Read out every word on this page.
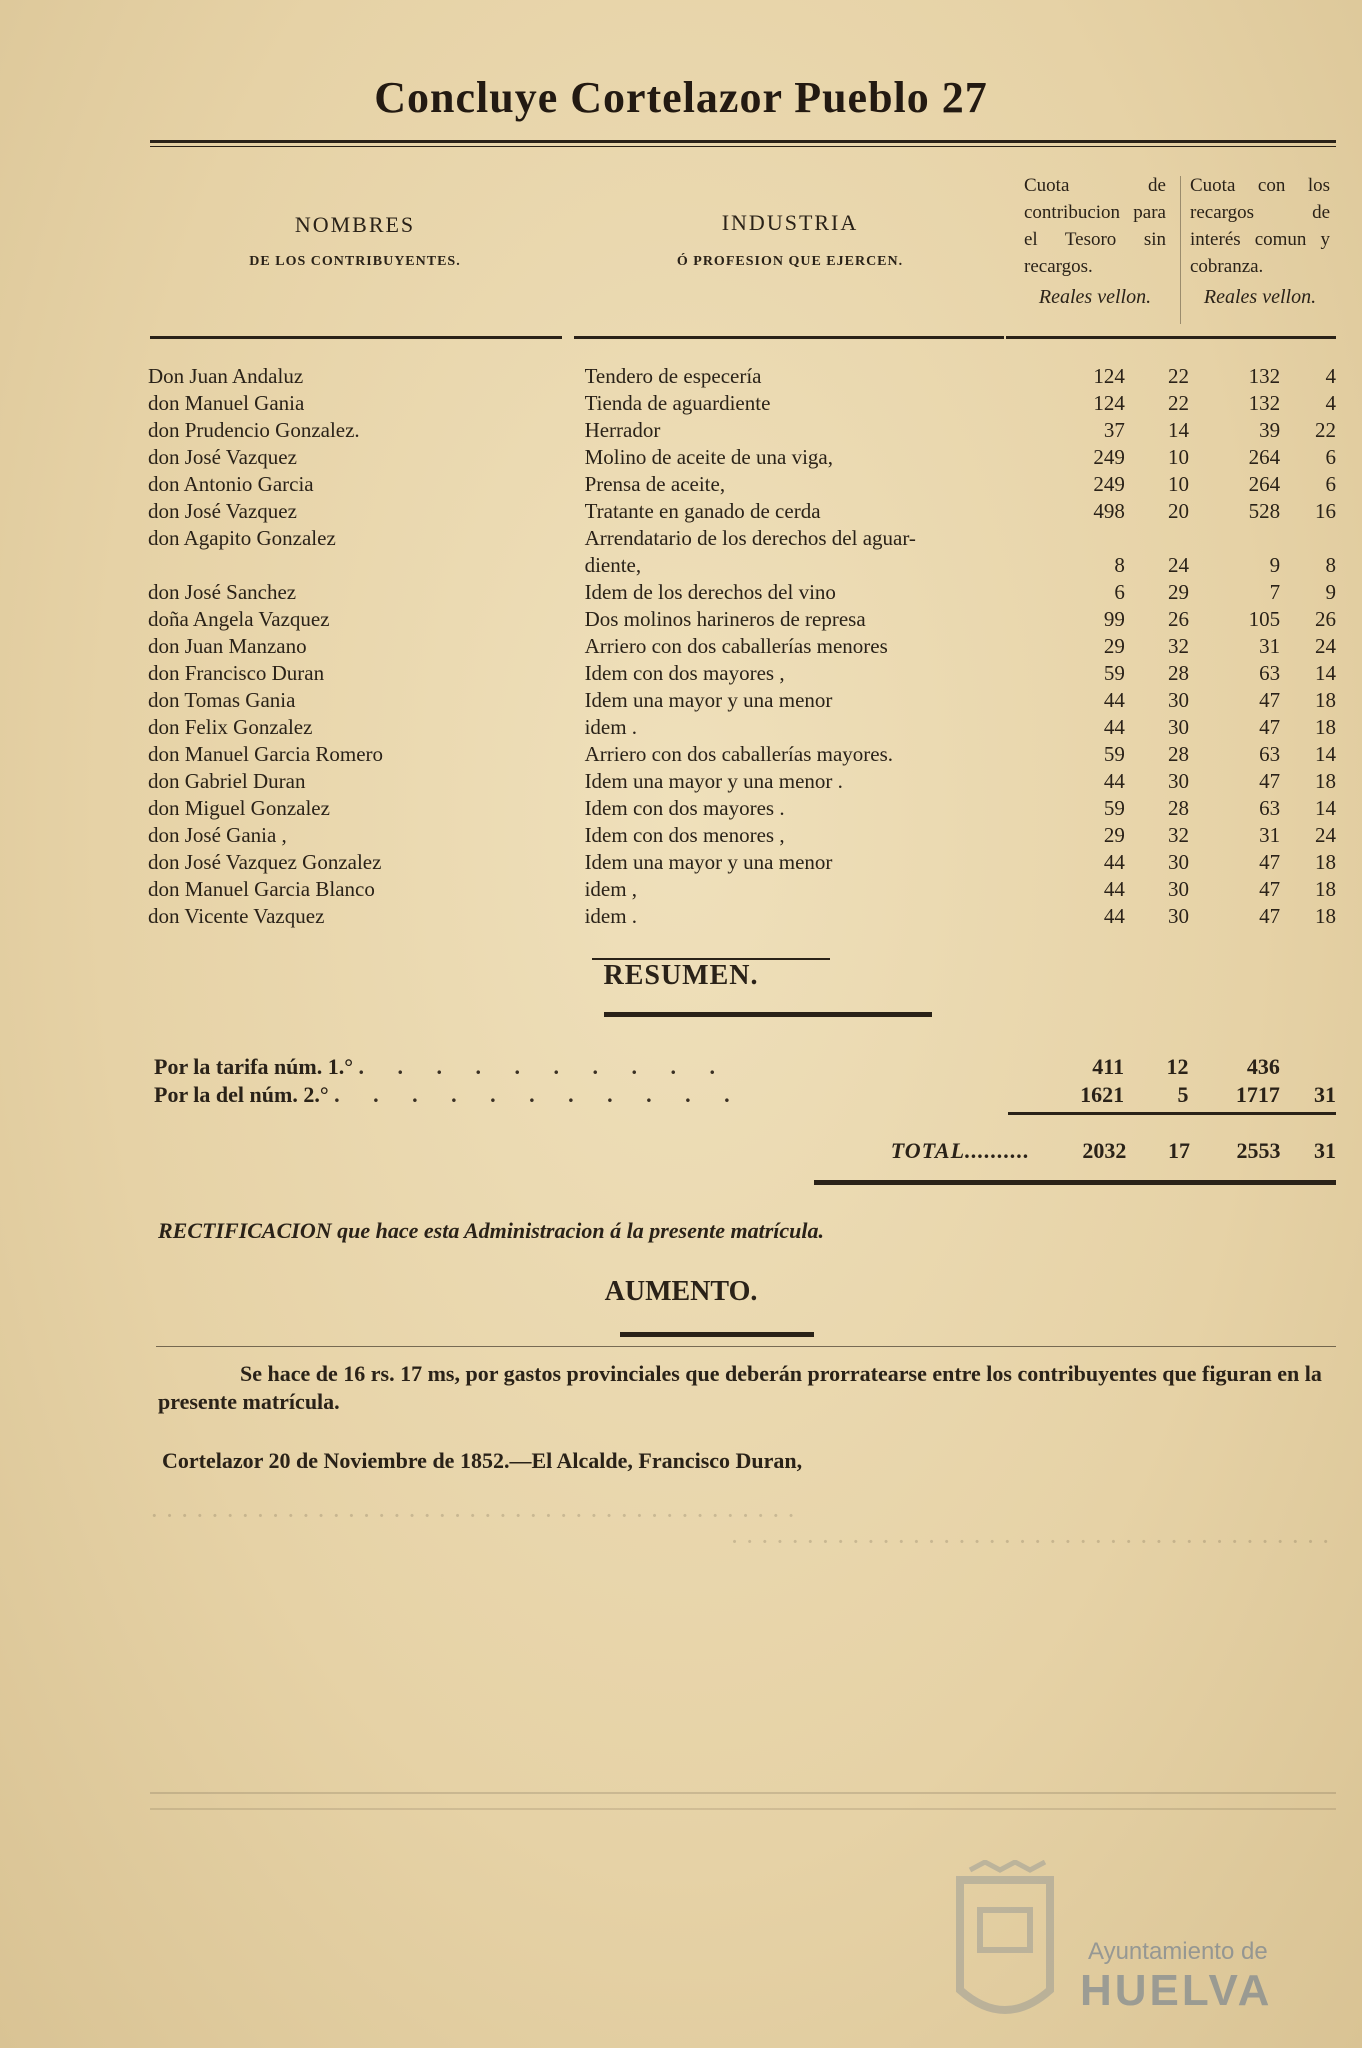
Concluye Cortelazor Pueblo 27
NOMBRES
DE LOS CONTRIBUYENTES.
INDUSTRIA
Ó PROFESION QUE EJERCEN.
Cuota de contribucion para el Tesoro sin recargos.
Reales vellon.
Cuota con los recargos de interés comun y cobranza.
Reales vellon.
Don Juan Andaluz	Tendero de especería	124	22	132	4
don Manuel Gania	Tienda de aguardiente	124	22	132	4
don Prudencio Gonzalez.	Herrador	37	14	39	22
don José Vazquez	Molino de aceite de una viga,	249	10	264	6
don Antonio Garcia	Prensa de aceite,	249	10	264	6
don José Vazquez	Tratante en ganado de cerda	498	20	528	16
don Agapito Gonzalez	Arrendatario de los derechos del aguar-				
	diente,	8	24	9	8
don José Sanchez	Idem de los derechos del vino	6	29	7	9
doña Angela Vazquez	Dos molinos harineros de represa	99	26	105	26
don Juan Manzano	Arriero con dos caballerías menores	29	32	31	24
don Francisco Duran	Idem con dos mayores ,	59	28	63	14
don Tomas Gania	Idem una mayor y una menor	44	30	47	18
don Felix Gonzalez	idem .	44	30	47	18
don Manuel Garcia Romero	Arriero con dos caballerías mayores.	59	28	63	14
don Gabriel Duran	Idem una mayor y una menor .	44	30	47	18
don Miguel Gonzalez	Idem con dos mayores .	59	28	63	14
don José Gania ,	Idem con dos menores ,	29	32	31	24
don José Vazquez Gonzalez	Idem una mayor y una menor	44	30	47	18
don Manuel Garcia Blanco	idem ,	44	30	47	18
don Vicente Vazquez	idem .	44	30	47	18
RESUMEN.
Por la tarifa núm. 1.° . . . . . . . . . .	411	12	436	
Por la del núm. 2.° . . . . . . . . . . .	1621	5	1717	31
TOTAL..........	2032	17	2553	31
RECTIFICACION que hace esta Administracion á la presente matrícula.
AUMENTO.
Se hace de 16 rs. 17 ms, por gastos provinciales que deberán prorratearse entre los contribuyentes que figuran en la presente matrícula.
Cortelazor 20 de Noviembre de 1852.—El Alcalde, Francisco Duran,
· · · · · · · · · · · · · · · · · · · · · · · · · · · · · · · · · · · · · · · · · · ·
· · · · · · · · · · · · · · · · · · · · · · · · · · · · · · · · · · · · · · · ·
Ayuntamiento de
HUELVA
